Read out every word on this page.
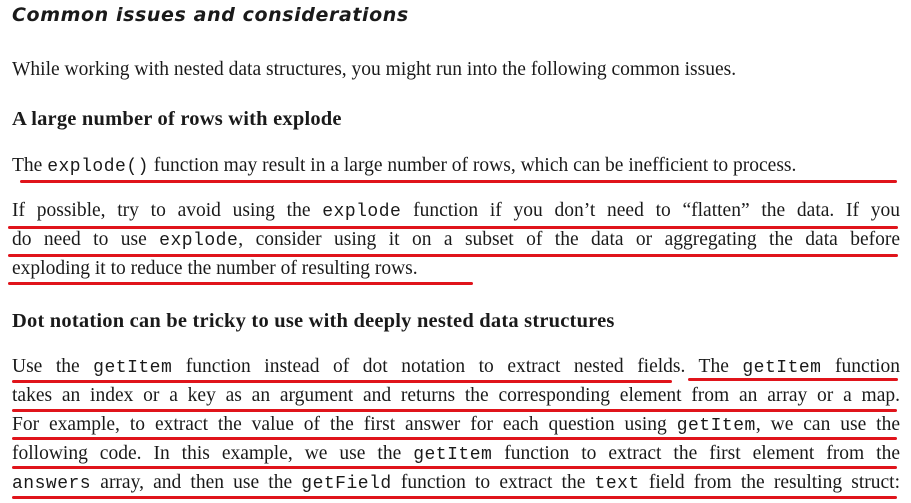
Common issues and considerations

While working with nested data structures, you might run into the following common issues.

A large number of rows with explode

The explode() function may result in a large number of rows, which can be inefficient to process.

If possible, try to avoid using the explode function if you don’t need to “flatten” the data. If you
do need to use explode, consider using it on a subset of the data or aggregating the data before
exploding it to reduce the number of resulting rows.

Dot notation can be tricky to use with deeply nested data structures

Use the getItem function instead of dot notation to extract nested fields. The getItem function
takes an index or a key as an argument and returns the corresponding element from an array or a map.
For example, to extract the value of the first answer for each question using getItem, we can use the
following code. In this example, we use the getItem function to extract the first element from the
answers array, and then use the getField function to extract the text field from the resulting struct:
